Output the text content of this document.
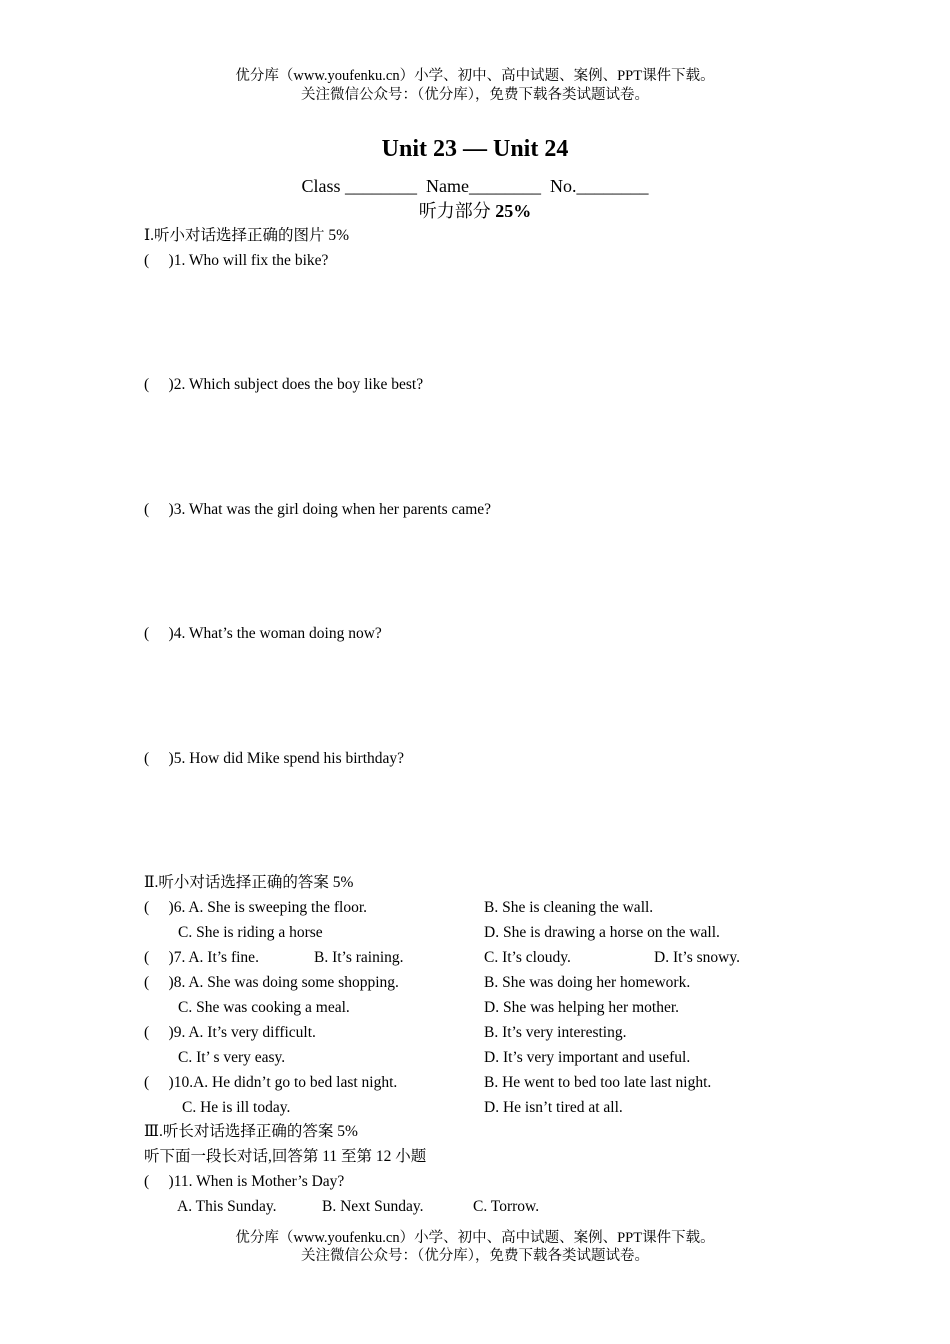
优分库（www.youfenku.cn）小学、初中、高中试题、案例、PPT课件下载。
关注微信公众号：（优分库），免费下载各类试题试卷。
Unit 23 — Unit 24
Class ________  Name________  No.________
听力部分 25%
Ⅰ.听小对话选择正确的图片 5%
(     )1. Who will fix the bike?
(     )2. Which subject does the boy like best?
(     )3. What was the girl doing when her parents came?
(     )4. What’s the woman doing now?
(     )5. How did Mike spend his birthday?
Ⅱ.听小对话选择正确的答案 5%
(     )6. A. She is sweeping the floor.	B. She is cleaning the wall.
C. She is riding a horse	D. She is drawing a horse on the wall.
(     )7. A. It’s fine.	B. It’s raining.	C. It’s cloudy.	D. It’s snowy.
(     )8. A. She was doing some shopping.	B. She was doing her homework.
C. She was cooking a meal.	D. She was helping her mother.
(     )9. A. It’s very difficult.	B. It’s very interesting.
C. It’ s very easy.	D. It’s very important and useful.
(     )10.A. He didn’t go to bed last night.	B. He went to bed too late last night.
C. He is ill today.	D. He isn’t tired at all.
Ⅲ.听长对话选择正确的答案 5%
听下面一段长对话,回答第 11 至第 12 小题
(     )11. When is Mother’s Day?
A. This Sunday.	B. Next Sunday.	C. Torrow.
优分库（www.youfenku.cn）小学、初中、高中试题、案例、PPT课件下载。
关注微信公众号：（优分库），免费下载各类试题试卷。
